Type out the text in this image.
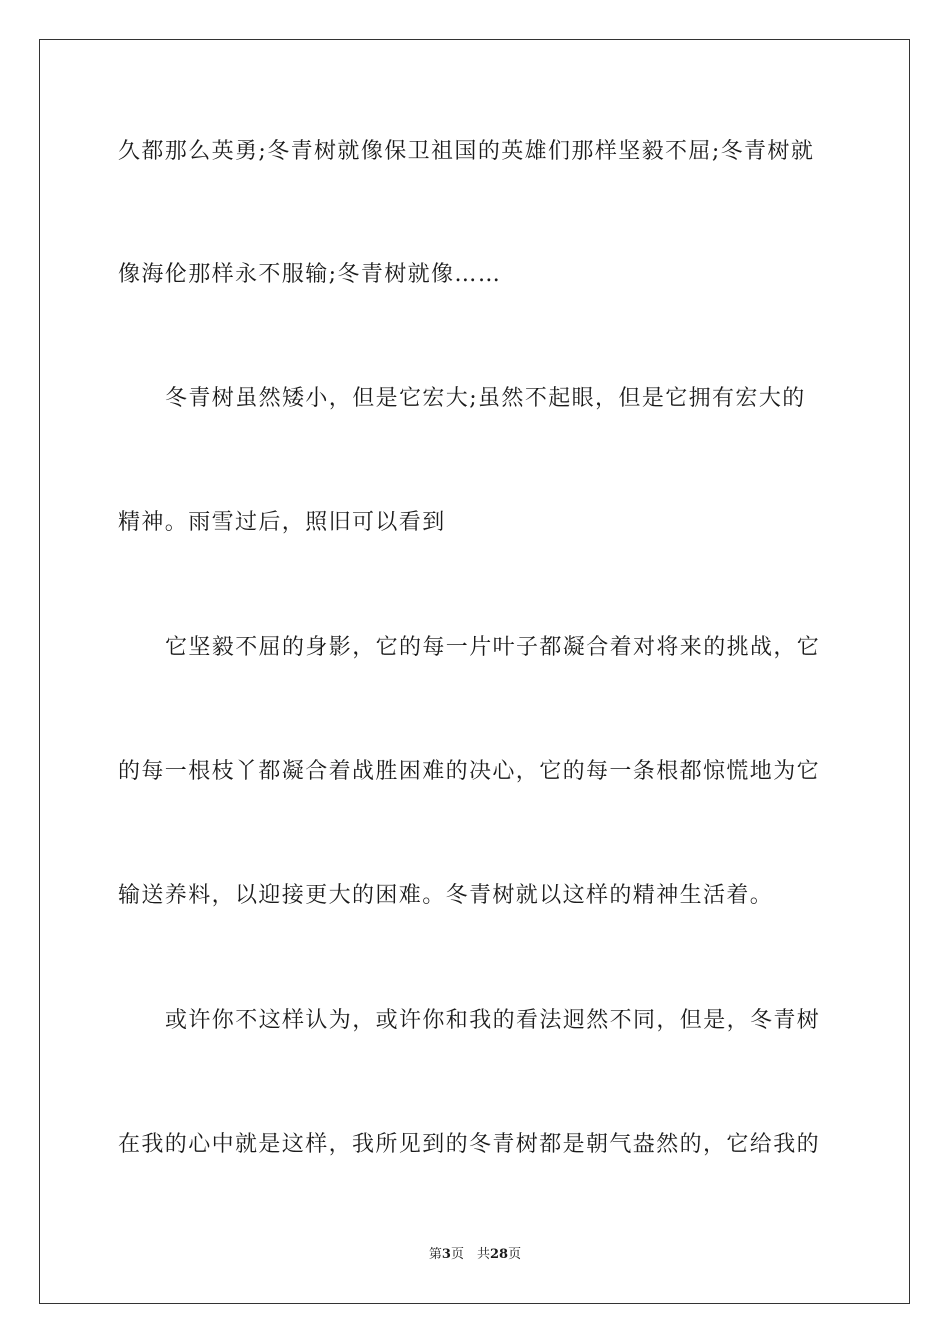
久都那么英勇;冬青树就像保卫祖国的英雄们那样坚毅不屈;冬青树就
像海伦那样永不服输;冬青树就像……
冬青树虽然矮小，但是它宏大;虽然不起眼，但是它拥有宏大的
精神。雨雪过后，照旧可以看到
它坚毅不屈的身影，它的每一片叶子都凝合着对将来的挑战，它
的每一根枝丫都凝合着战胜困难的决心，它的每一条根都惊慌地为它
输送养料，以迎接更大的困难。冬青树就以这样的精神生活着。
或许你不这样认为，或许你和我的看法迥然不同，但是，冬青树
在我的心中就是这样，我所见到的冬青树都是朝气盎然的，它给我的
第3页　共28页
